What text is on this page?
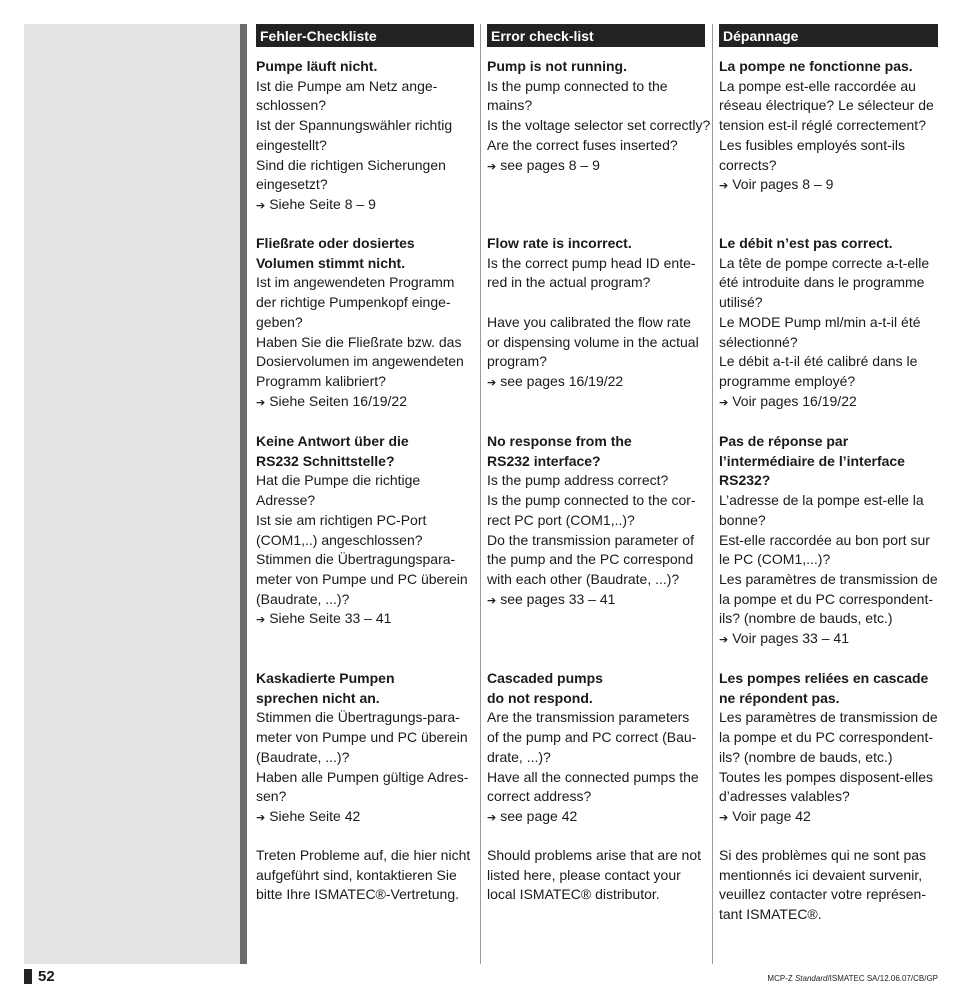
Fehler-Checkliste
Pumpe läuft nicht.
Ist die Pumpe am Netz ange-
schlossen?
Ist der Spannungswähler richtig
eingestellt?
Sind die richtigen Sicherungen
eingesetzt?
➔ Siehe Seite 8 – 9
Fließrate oder dosiertes
Volumen stimmt nicht.
Ist im angewendeten Programm
der richtige Pumpenkopf einge-
geben?
Haben Sie die Fließrate bzw. das
Dosiervolumen im angewendeten
Programm kalibriert?
➔ Siehe Seiten 16/19/22
Keine Antwort über die
RS232 Schnittstelle?
Hat die Pumpe die richtige
Adresse?
Ist sie am richtigen PC-Port
(COM1,..) angeschlossen?
Stimmen die Übertragungspara-
meter von Pumpe und PC überein
(Baudrate, ...)?
➔ Siehe Seite 33 – 41
Kaskadierte Pumpen
sprechen nicht an.
Stimmen die Übertragungs-para-
meter von Pumpe und PC überein
(Baudrate, ...)?
Haben alle Pumpen gültige Adres-
sen?
➔ Siehe Seite 42
Treten Probleme auf, die hier nicht
aufgeführt sind, kontaktieren Sie
bitte Ihre ISMATEC®-Vertretung.
Error check-list
Pump is not running.
Is the pump connected to the
mains?
Is the voltage selector set correctly?
Are the correct fuses inserted?
➔ see pages 8 – 9
Flow rate is incorrect.
Is the correct pump head ID ente-
red in the actual program?

Have you calibrated the flow rate
or dispensing volume in the actual
program?
➔ see pages 16/19/22
No response from the
RS232 interface?
Is the pump address correct?
Is the pump connected to the cor-
rect PC port (COM1,..)?
Do the transmission parameter of
the pump and the PC correspond
with each other (Baudrate, ...)?
➔ see pages 33 – 41
Cascaded pumps
do not respond.
Are the transmission parameters
of the pump and PC correct (Bau-
drate, ...)?
Have all the connected pumps the
correct address?
➔ see page 42
Should problems arise that are not
listed here, please contact your
local ISMATEC® distributor.
Dépannage
La pompe ne fonctionne pas.
La pompe est-elle raccordée au
réseau électrique? Le sélecteur de
tension est-il réglé correctement?
Les fusibles employés sont-ils
corrects?
➔ Voir pages 8 – 9
Le débit n’est pas correct.
La tête de pompe correcte a-t-elle
été introduite dans le programme
utilisé?
Le MODE Pump ml/min a-t-il été
sélectionné?
Le débit a-t-il été calibré dans le
programme employé?
➔ Voir pages 16/19/22
Pas de réponse par
l’intermédiaire de l’interface
RS232?
L’adresse de la pompe est-elle la
bonne?
Est-elle raccordée au bon port sur
le PC (COM1,...)?
Les paramètres de transmission de
la pompe et du PC correspondent-
ils? (nombre de bauds, etc.)
➔ Voir pages 33 – 41
Les pompes reliées en cascade
ne répondent pas.
Les paramètres de transmission de
la pompe et du PC correspondent-
ils? (nombre de bauds, etc.)
Toutes les pompes disposent-elles
d’adresses valables?
➔ Voir page 42
Si des problèmes qui ne sont pas
mentionnés ici devaient survenir,
veuillez contacter votre représen-
tant ISMATEC®.
52	MCP-Z Standard/ISMATEC SA/12.06.07/CB/GP
